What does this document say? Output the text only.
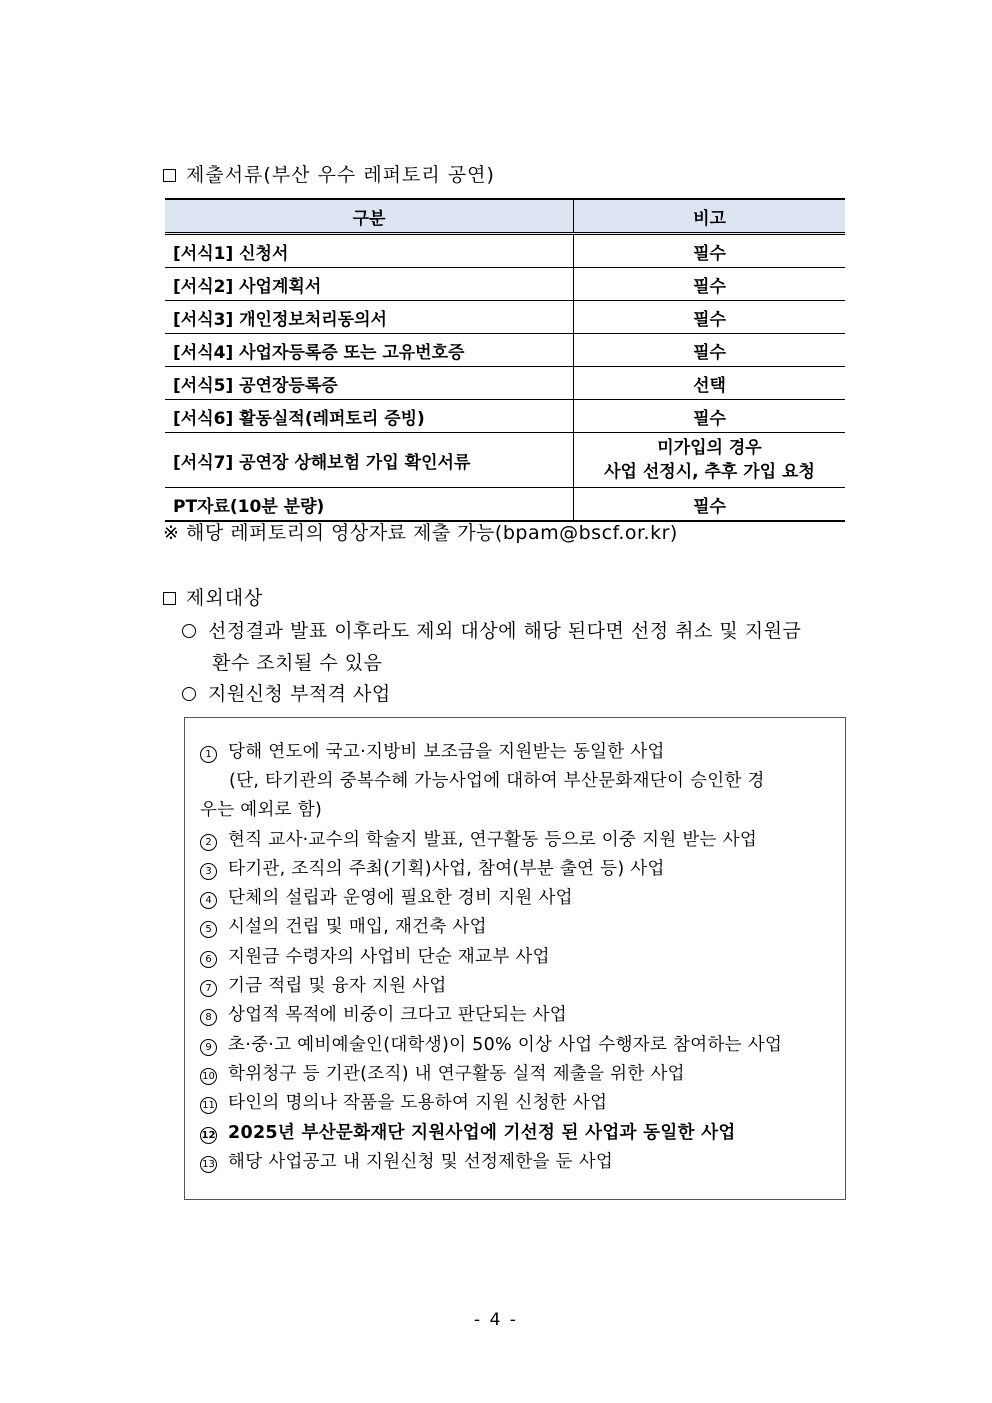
제출서류(부산 우수 레퍼토리 공연)
구분	비고
[서식1] 신청서	필수
[서식2] 사업계획서	필수
[서식3] 개인정보처리동의서	필수
[서식4] 사업자등록증 또는 고유번호증	필수
[서식5] 공연장등록증	선택
[서식6] 활동실적(레퍼토리 증빙)	필수
[서식7] 공연장 상해보험 가입 확인서류	미가입의 경우
사업 선정시, 추후 가입 요청

PT자료(10분 분량)	필수
※ 해당 레퍼토리의 영상자료 제출 가능(bpam@bscf.or.kr)
제외대상
선정결과 발표 이후라도 제외 대상에 해당 된다면 선정 취소 및 지원금
환수 조치될 수 있음
지원신청 부적격 사업
1 당해 연도에 국고·지방비 보조금을 지원받는 동일한 사업
(단, 타기관의 중복수혜 가능사업에 대하여 부산문화재단이 승인한 경
우는 예외로 함)
2 현직 교사·교수의 학술지 발표, 연구활동 등으로 이중 지원 받는 사업
3 타기관, 조직의 주최(기획)사업, 참여(부분 출연 등) 사업
4 단체의 설립과 운영에 필요한 경비 지원 사업
5 시설의 건립 및 매입, 재건축 사업
6 지원금 수령자의 사업비 단순 재교부 사업
7 기금 적립 및 융자 지원 사업
8 상업적 목적에 비중이 크다고 판단되는 사업
9 초·중·고 예비예술인(대학생)이 50% 이상 사업 수행자로 참여하는 사업
10 학위청구 등 기관(조직) 내 연구활동 실적 제출을 위한 사업
11 타인의 명의나 작품을 도용하여 지원 신청한 사업
12 2025년 부산문화재단 지원사업에 기선정 된 사업과 동일한 사업
13 해당 사업공고 내 지원신청 및 선정제한을 둔 사업
- 4 -
